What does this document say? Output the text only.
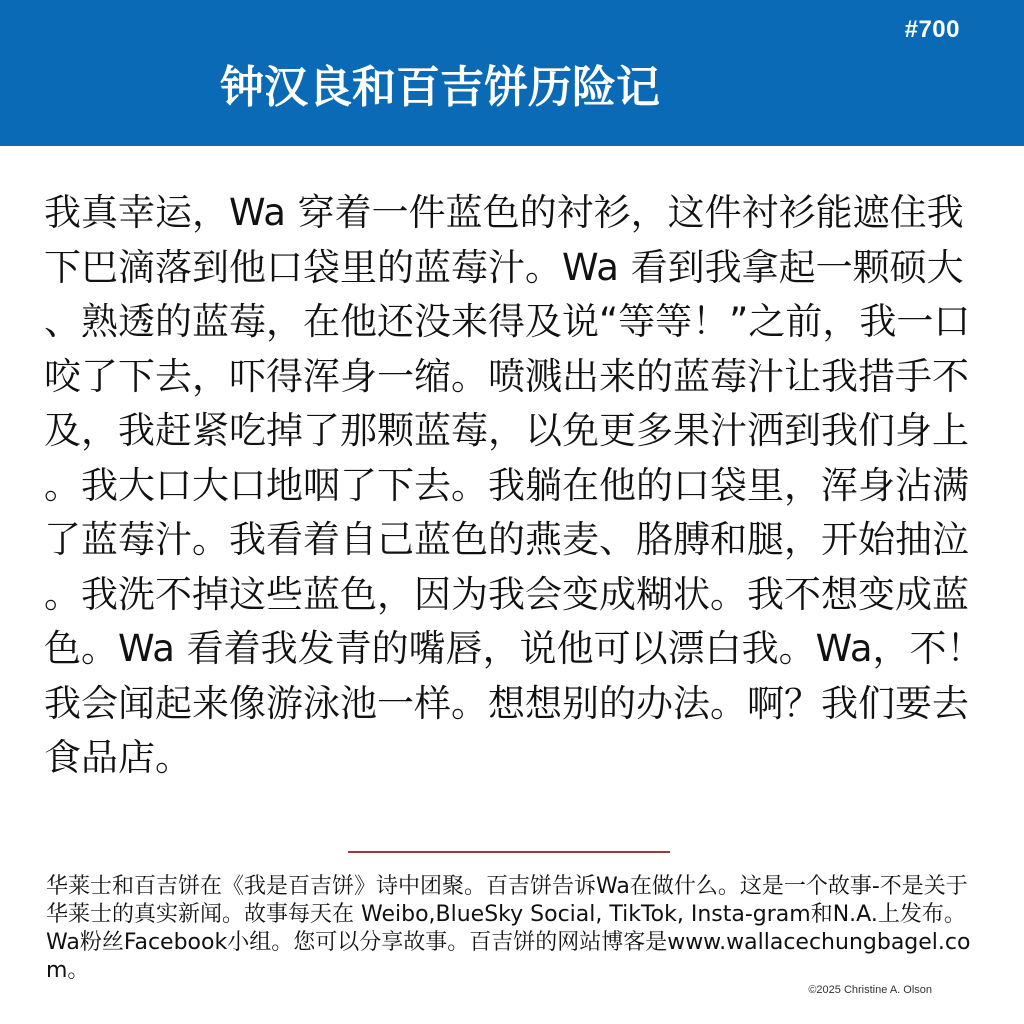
#700
钟汉良和百吉饼历险记

我真幸运，Wa 穿着一件蓝色的衬衫，这件衬衫能遮住我下巴滴落到他口袋里的蓝莓汁。Wa 看到我拿起一颗硕大、熟透的蓝莓，在他还没来得及说“等等！”之前，我一口咬了下去，吓得浑身一缩。喷溅出来的蓝莓汁让我措手不及，我赶紧吃掉了那颗蓝莓，以免更多果汁洒到我们身上。我大口大口地咽了下去。我躺在他的口袋里，浑身沾满了蓝莓汁。我看着自己蓝色的燕麦、胳膊和腿，开始抽泣。我洗不掉这些蓝色，因为我会变成糊状。我不想变成蓝色。Wa 看着我发青的嘴唇，说他可以漂白我。Wa，不！我会闻起来像游泳池一样。想想别的办法。啊？我们要去食品店。

华莱士和百吉饼在《我是百吉饼》诗中团聚。百吉饼告诉Wa在做什么。这是一个故事-不是关于华莱士的真实新闻。故事每天在 Weibo,BlueSky Social, TikTok, Insta-gram和N.A.上发布。Wa粉丝Facebook小组。您可以分享故事。百吉饼的网站博客是www.wallacechungbagel.com。

©2025 Christine A. Olson
